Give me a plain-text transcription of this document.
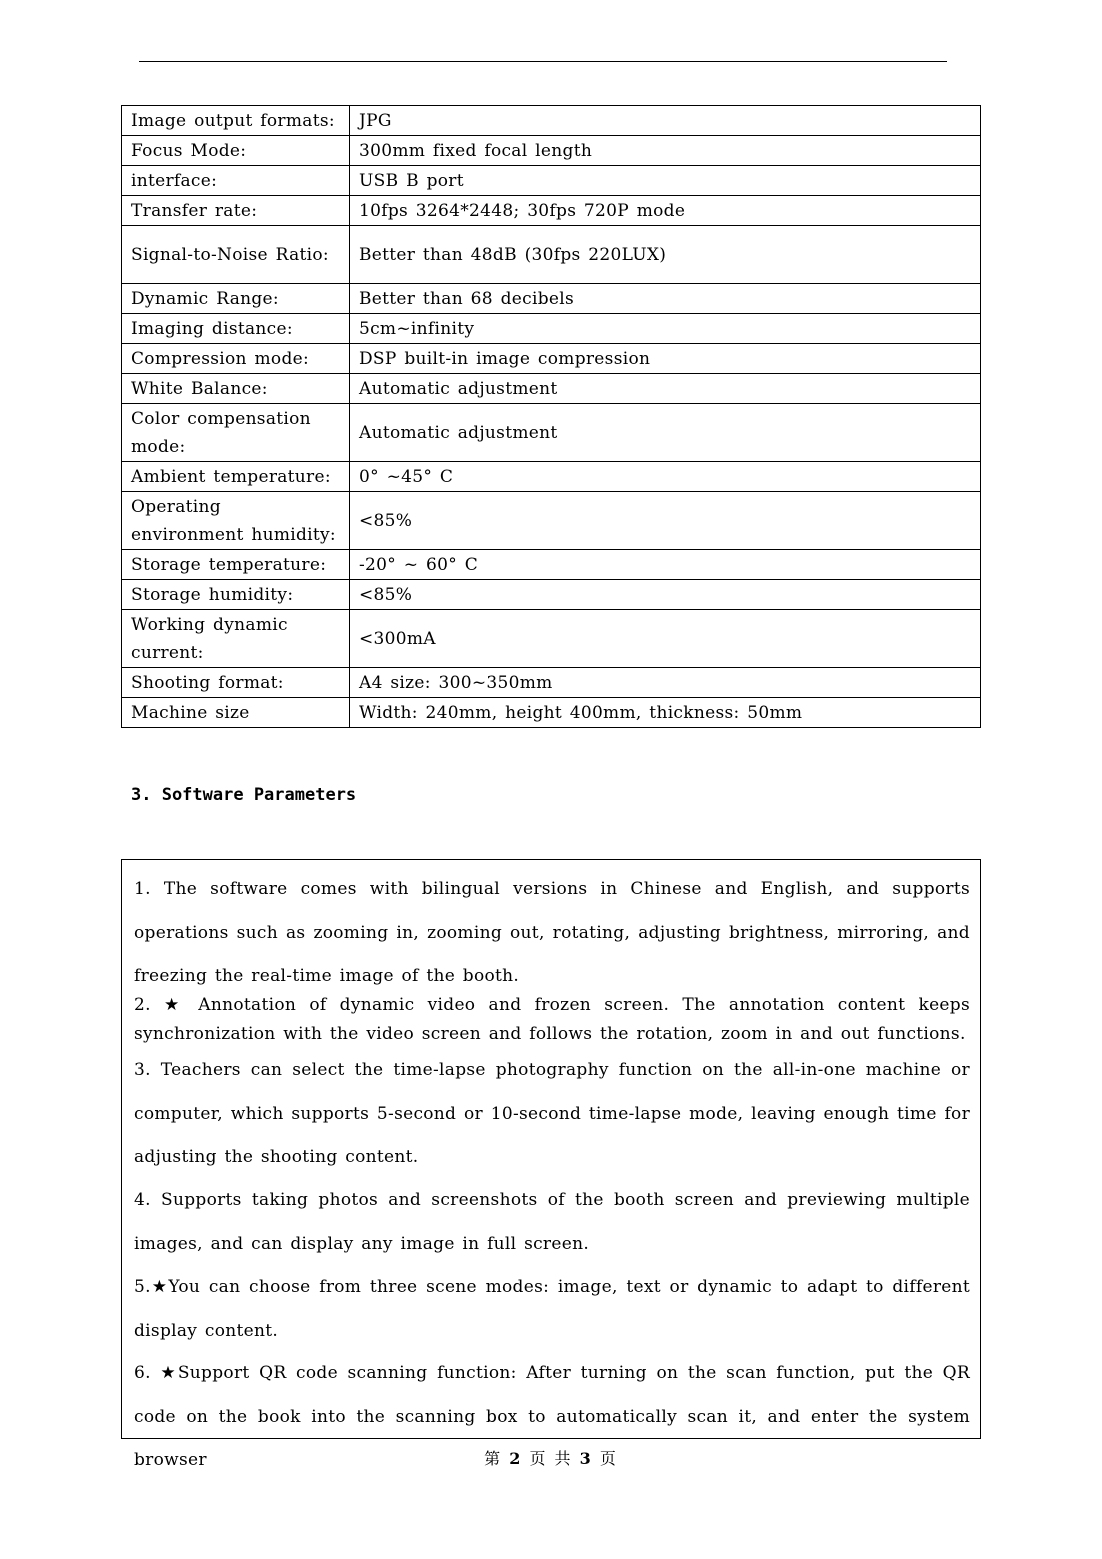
Image output formats:	JPG
Focus Mode:	300mm fixed focal length
interface:	USB B port
Transfer rate:	10fps 3264*2448; 30fps 720P mode
Signal-to-Noise Ratio:	Better than 48dB (30fps 220LUX)
Dynamic Range:	Better than 68 decibels
Imaging distance:	5cm~infinity
Compression mode:	DSP built-in image compression
White Balance:	Automatic adjustment
Color compensation mode:	Automatic adjustment
Ambient temperature:	0° ~45° C
Operating environment humidity:	<85%
Storage temperature:	-20° ~ 60° C
Storage humidity:	<85%
Working dynamic current:	<300mA
Shooting format:	A4 size: 300~350mm
Machine size	Width: 240mm, height 400mm, thickness: 50mm
3. Software Parameters
1. The software comes with bilingual versions in Chinese and English, and supports operations such as zooming in, zooming out, rotating, adjusting brightness, mirroring, and freezing the real-time image of the booth.
2. ★ Annotation of dynamic video and frozen screen. The annotation content keeps synchronization with the video screen and follows the rotation, zoom in and out functions.
3. Teachers can select the time-lapse photography function on the all-in-one machine or computer, which supports 5-second or 10-second time-lapse mode, leaving enough time for adjusting the shooting content.
4. Supports taking photos and screenshots of the booth screen and previewing multiple images, and can display any image in full screen.
5.★You can choose from three scene modes: image, text or dynamic to adapt to different display content.
6. ★Support QR code scanning function: After turning on the scan function, put the QR code on the book into the scanning box to automatically scan it, and enter the system browser	第 2 页 共 3 页
